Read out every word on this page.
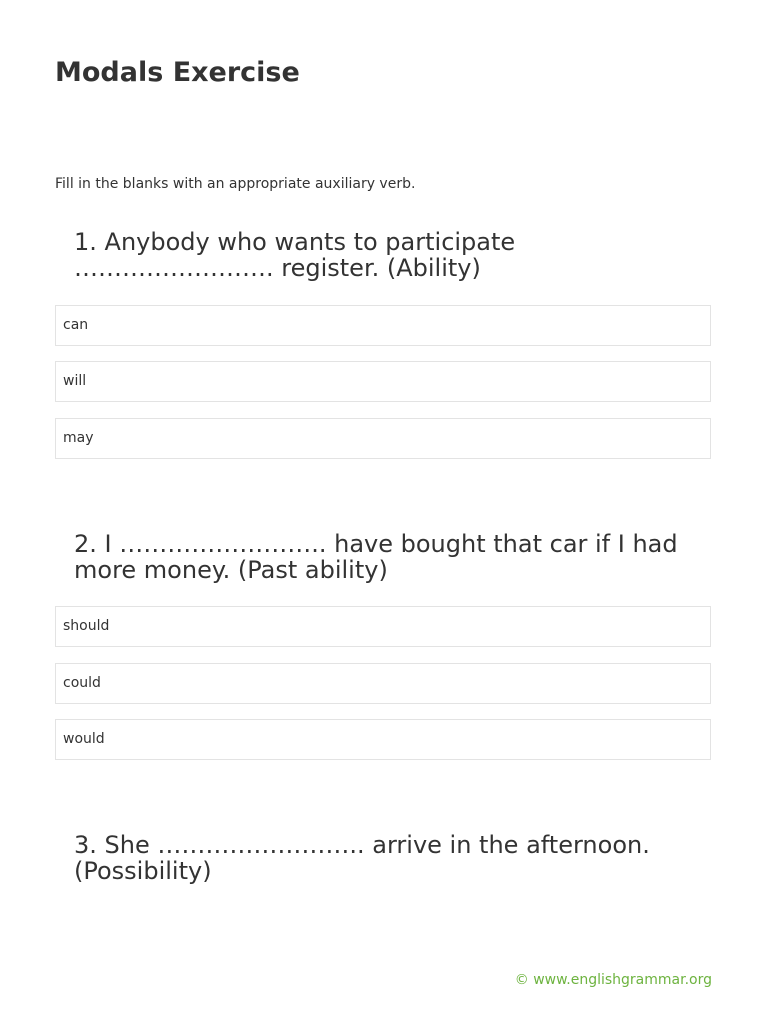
Modals Exercise
Fill in the blanks with an appropriate auxiliary verb.
1. Anybody who wants to participate ……………………. register. (Ability)
can
will
may
2. I …………………….. have bought that car if I had more money. (Past ability)
should
could
would
3. She …………………….. arrive in the afternoon. (Possibility)
© www.englishgrammar.org
